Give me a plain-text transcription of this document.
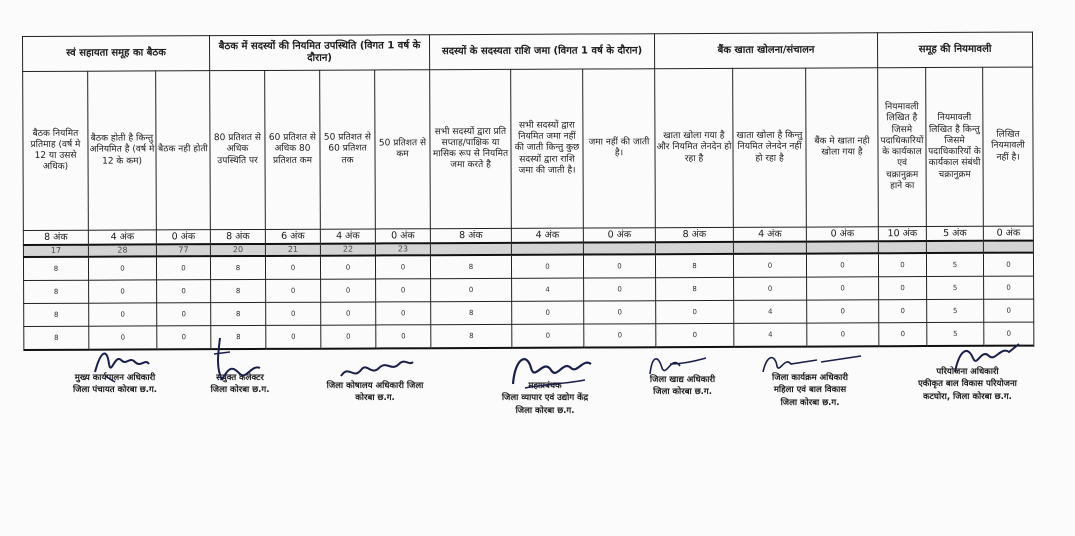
स्वं सहायता समूह का बैठक			बैठक में सदस्यों की नियमित उपस्थिति (विगत 1 वर्ष के दौरान)				सदस्यों के सदस्यता राशि जमा (विगत 1 वर्ष के दौरान)			बैंक खाता खोलना/संचालन			समूह की नियमावली		
बैठक नियमित प्रतिमाह (वर्ष मे 12 या उससे अधिक)	बैठक होती है किन्तु अनियमित है (वर्ष मे 12 के कम)	बैठक नही होती	80 प्रतिशत से अधिक उपस्थिति पर	60 प्रतिशत से अधिक 80 प्रतिशत कम	50 प्रतिशत से 60 प्रतिशत तक	50 प्रतिशत से कम	सभी सदस्यों द्वारा प्रति सप्ताह/पाक्षिक या मासिक रूप से नियमित जमा करते है	सभी सदस्यों द्वारा नियमित जमा नहीं की जाती किन्तु कुछ सदस्यों द्वारा राशि जमा की जाती है।	जमा नहीं की जाती है।	खाता खोला गया है और नियमित लेनदेन हो रहा है	खाता खोला है किन्तु नियमित लेनदेन नहीं हो रहा है	बैंक मे खाता नही खोला गया है	नियमावली लिखित है जिसमे पदाधिकारियों के कार्यकाल एवं चक्रानुक्रम हाने का	नियमावली लिखित है किन्तु जिसमे पदाधिकारियों के कार्यकाल संबंधी चक्रानुक्रम	लिखित नियमावली नहीं है।
8 अंक	4 अंक	0 अंक	8 अंक	6 अंक	4 अंक	0 अंक	8 अंक	4 अंक	0 अंक	8 अंक	4 अंक	0 अंक	10 अंक	5 अंक	0 अंक
17	28	77	20	21	22	23									
8	0	0	8	0	0	0	8	0	0	8	0	0	0	5	0
8	0	0	8	0	0	0	0	4	0	8	0	0	0	5	0
8	0	0	8	0	0	0	8	0	0	0	4	0	0	5	0
8	0	0	8	0	0	0	8	0	0	0	4	0	0	5	0
मुख्य कार्यपालन अधिकारी
जिला पंचायत कोरबा छ.ग.
सयुक्त कलेक्टर
जिला कोरबा छ.ग.	जिला कोषालय अधिकारी जिला
कोरबा छ.ग.
महाप्रबंधक
जिला व्यापार एवं उद्योग केंद्र
जिला कोरबा छ.ग.
जिला खाद्य अधिकारी
जिला कोरबा छ.ग.
जिला कार्यक्रम अधिकारी
महिला एवं बाल विकास
जिला कोरबा छ.ग.
परियोजना अधिकारी
एकीकृत बाल विकास परियोजना
कटघोरा, जिला कोरबा छ.ग.
